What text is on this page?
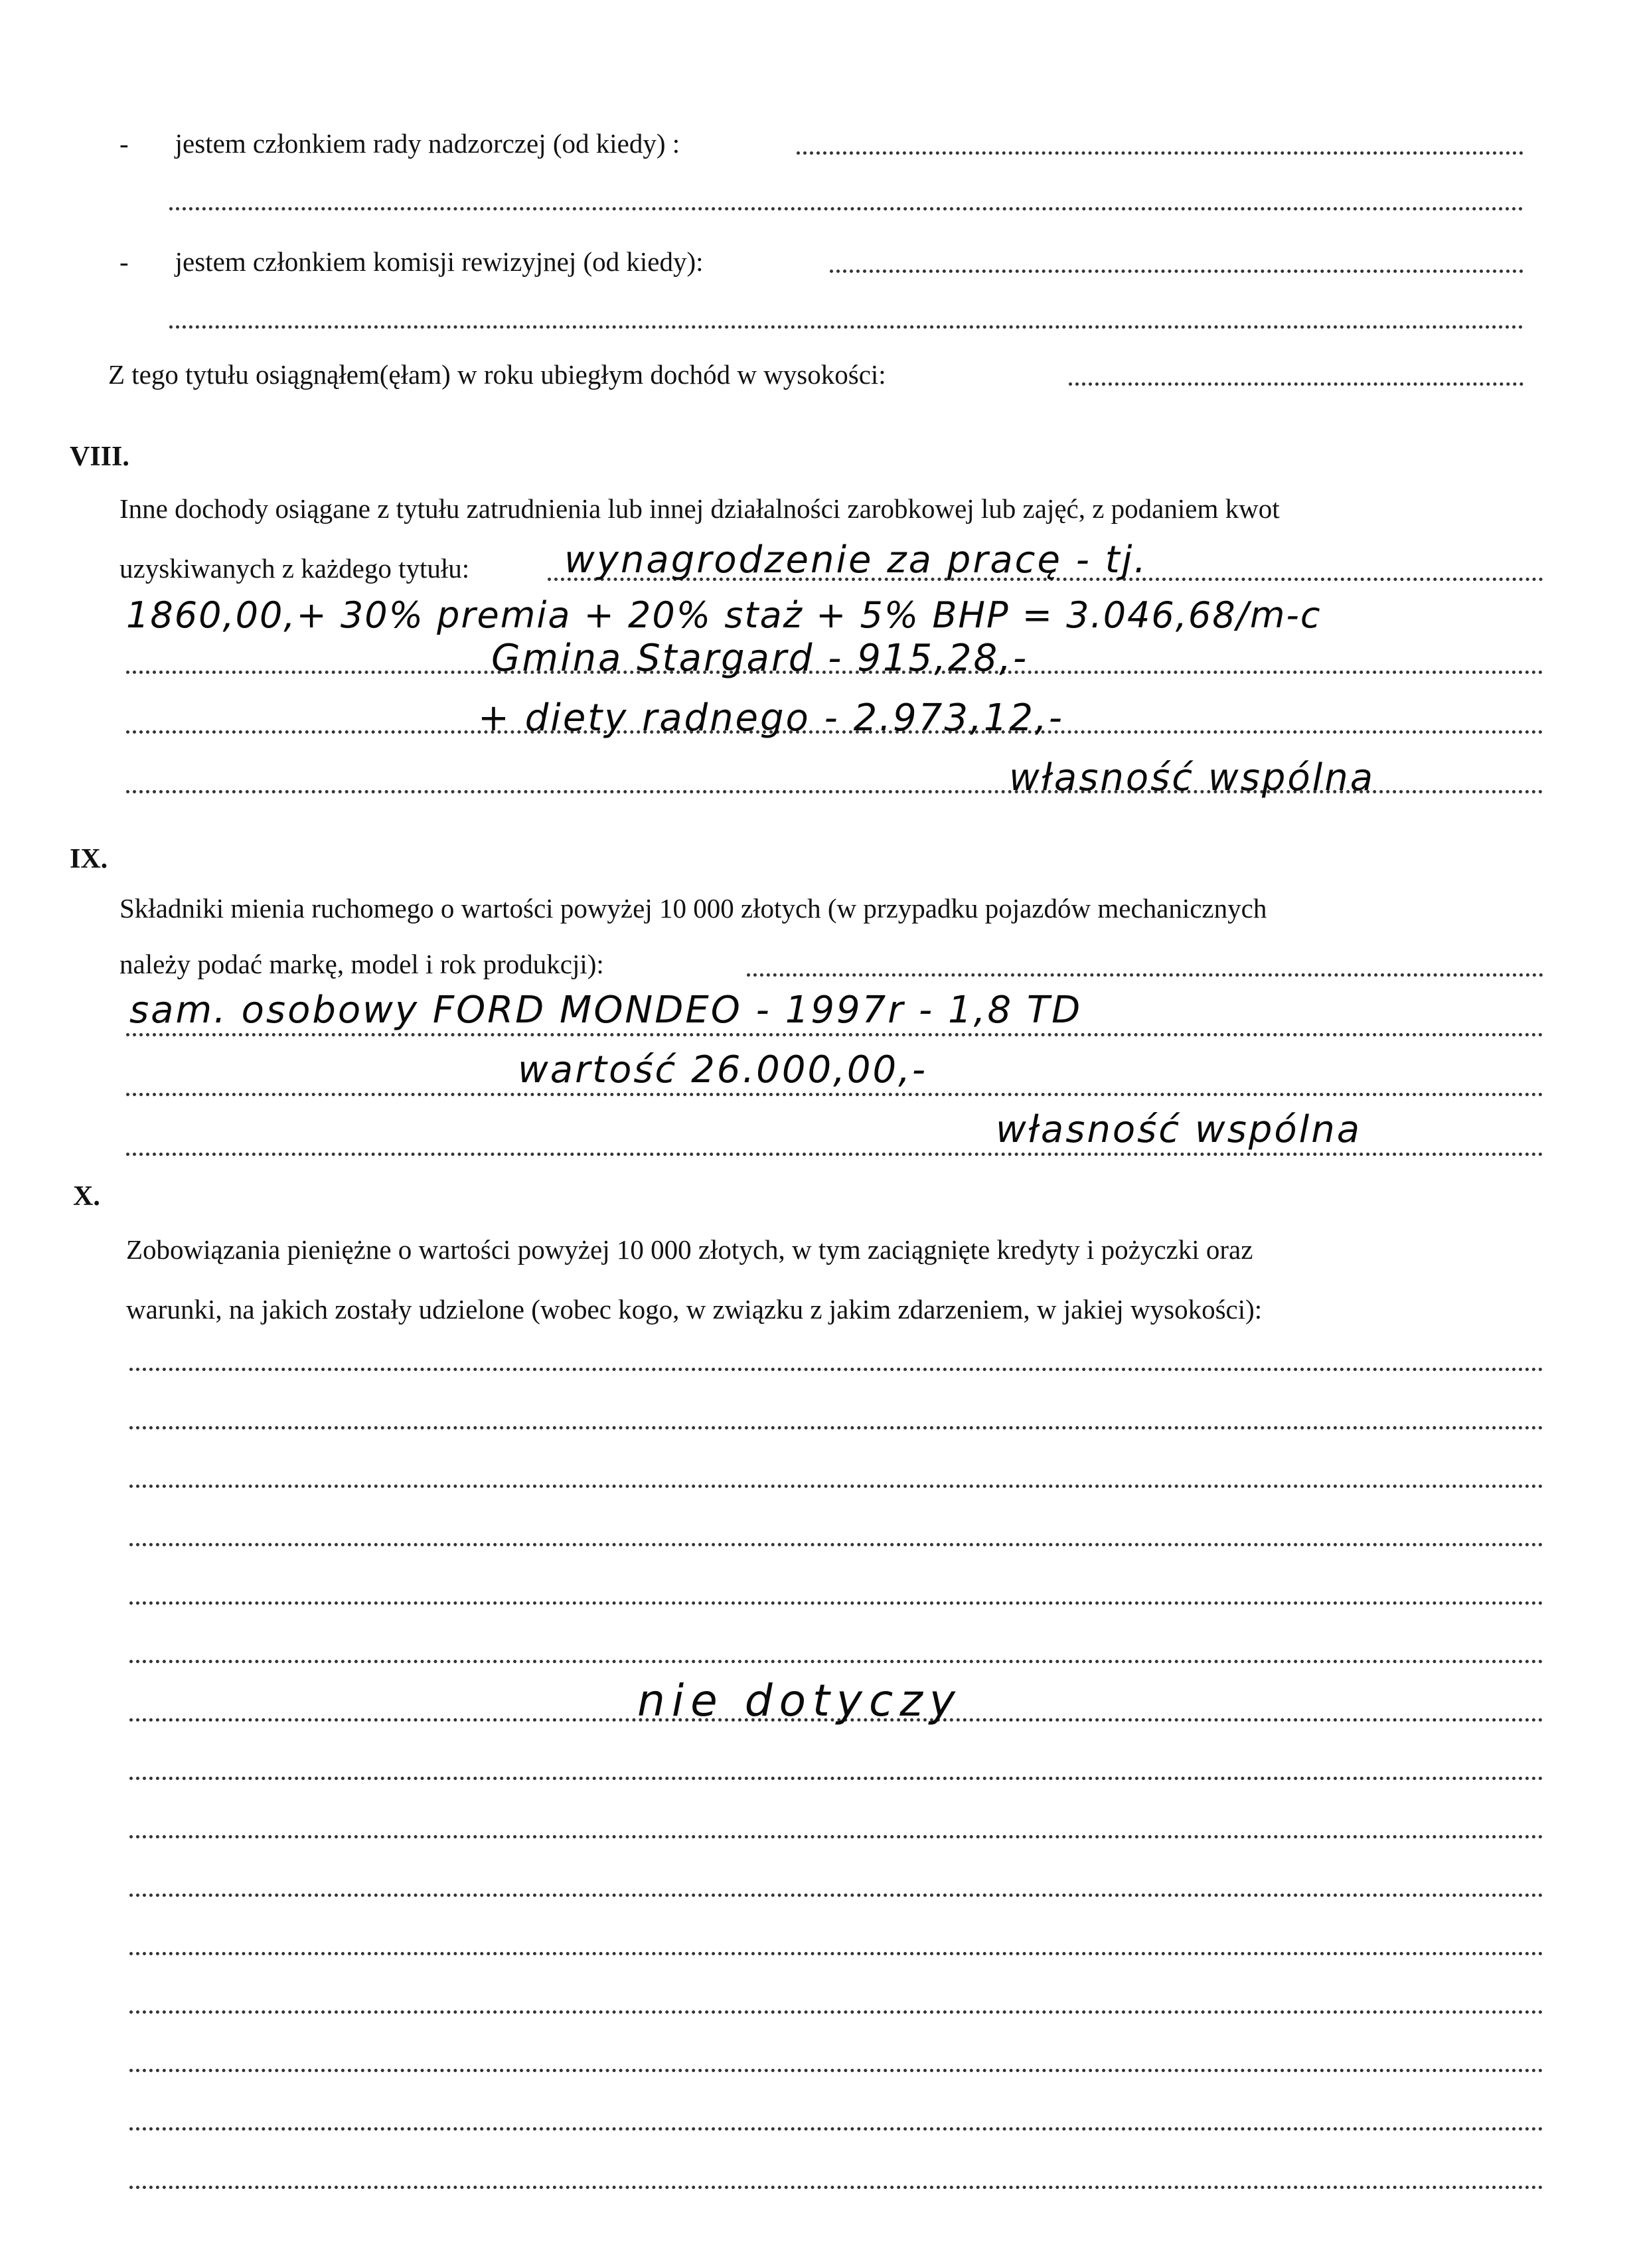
- jestem członkiem rady nadzorczej (od kiedy) :
- jestem członkiem komisji rewizyjnej (od kiedy):
Z tego tytułu osiągnąłem(ęłam) w roku ubiegłym dochód w wysokości:
VIII.
Inne dochody osiągane z tytułu zatrudnienia lub innej działalności zarobkowej lub zajęć, z podaniem kwot
uzyskiwanych z każdego tytułu:	wynagrodzenie za pracę - tj.
1860,00,+ 30% premia + 20% staż + 5% BHP = 3.046,68/m-c
Gmina Stargard - 915,28,-
+ diety radnego - 2.973,12,-
własność wspólna
IX.
Składniki mienia ruchomego o wartości powyżej 10 000 złotych (w przypadku pojazdów mechanicznych
należy podać markę, model i rok produkcji):
sam. osobowy FORD MONDEO - 1997r - 1,8 TD
wartość 26.000,00,-
własność wspólna
X.
Zobowiązania pieniężne o wartości powyżej 10 000 złotych, w tym zaciągnięte kredyty i pożyczki oraz
warunki, na jakich zostały udzielone (wobec kogo, w związku z jakim zdarzeniem, w jakiej wysokości):
nie dotyczy
